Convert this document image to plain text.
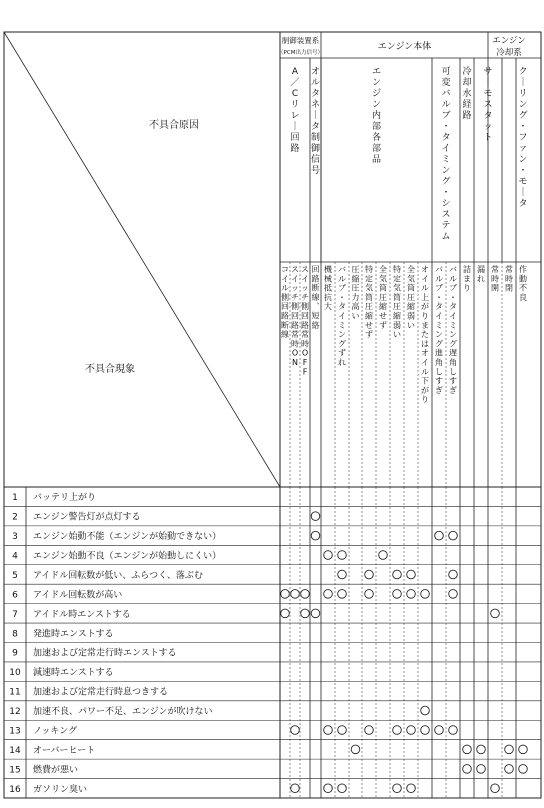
不具合原因
不具合現象
制御装置系
（PCM出力信号）
エンジン本体
エンジン
冷却系
A ／ C リレ｜回路
オルタネ｜タ制御信号
エンジン内部各部品
可変バルブ・タイミング・システム
冷却水経路
サ｜モスタット
ク｜リング・ファン・モ｜タ
コイル側回路断線
スイッチ側回路常時 O N
スイッチ側回路常時 O F F
回路断線︑短絡
機械抵抗大
バルブ・タイミングずれ
圧縮圧力高い
特定気筒圧縮せず
全気筒圧縮せず
特定気筒圧縮弱い
全気筒圧縮弱い
オイル上がりまたはオイル下がり
バルブ・タイミング進角しすぎ
バルブ・タイミング遅角しすぎ
詰まり
漏れ
常時開
常時閉
作動不良
1 バッテリ上がり
2 エンジン警告灯が点灯する
3 エンジン始動不能（エンジンが始動できない）
4 エンジン始動不良（エンジンが始動しにくい）
5 アイドル回転数が低い、ふらつく、落ぶむ
6 アイドル回転数が高い
7 アイドル時エンストする
8 発進時エンストする
9 加速および定常走行時エンストする
10 減速時エンストする
11 加速および定常走行時息つきする
12 加速不良、パワー不足、エンジンが吹けない
13 ノッキング
14 オーバーヒート
15 燃費が悪い
16 ガソリン臭い
